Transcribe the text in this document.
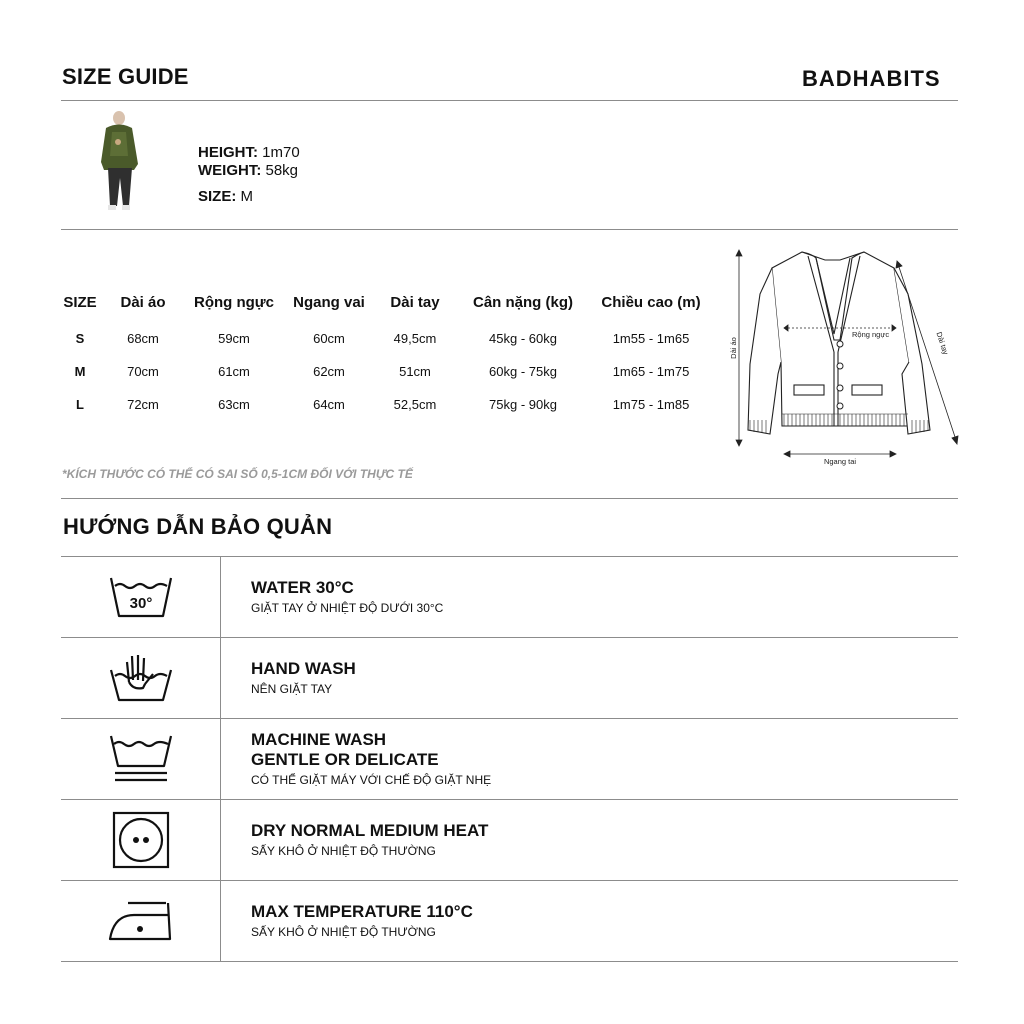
SIZE GUIDE	BADHABITS
HEIGHT: 1m70
WEIGHT: 58kg
SIZE: M
SIZE	Dài áo	Rộng ngực	Ngang vai	Dài tay	Cân nặng (kg)	Chiều cao (m)
S	68cm	59cm	60cm	49,5cm	45kg - 60kg	1m55 - 1m65
M	70cm	61cm	62cm	51cm	60kg - 75kg	1m65 - 1m75
L	72cm	63cm	64cm	52,5cm	75kg - 90kg	1m75 - 1m85
Dài áo
Rộng ngực	Dài tay
Ngang tai
*KÍCH THƯỚC CÓ THỂ CÓ SAI SỐ 0,5-1CM ĐỐI VỚI THỰC TẾ
HƯỚNG DẪN BẢO QUẢN
30°
WATER 30°C
GIẶT TAY Ở NHIỆT ĐỘ DƯỚI 30°C
HAND WASH
NÊN GIẶT TAY
MACHINE WASH
GENTLE OR DELICATE
CÓ THỂ GIẶT MÁY VỚI CHẾ ĐỘ GIẶT NHẸ
DRY NORMAL MEDIUM HEAT
SẤY KHÔ Ở NHIỆT ĐỘ THƯỜNG
MAX TEMPERATURE 110°C
SẤY KHÔ Ở NHIỆT ĐỘ THƯỜNG
